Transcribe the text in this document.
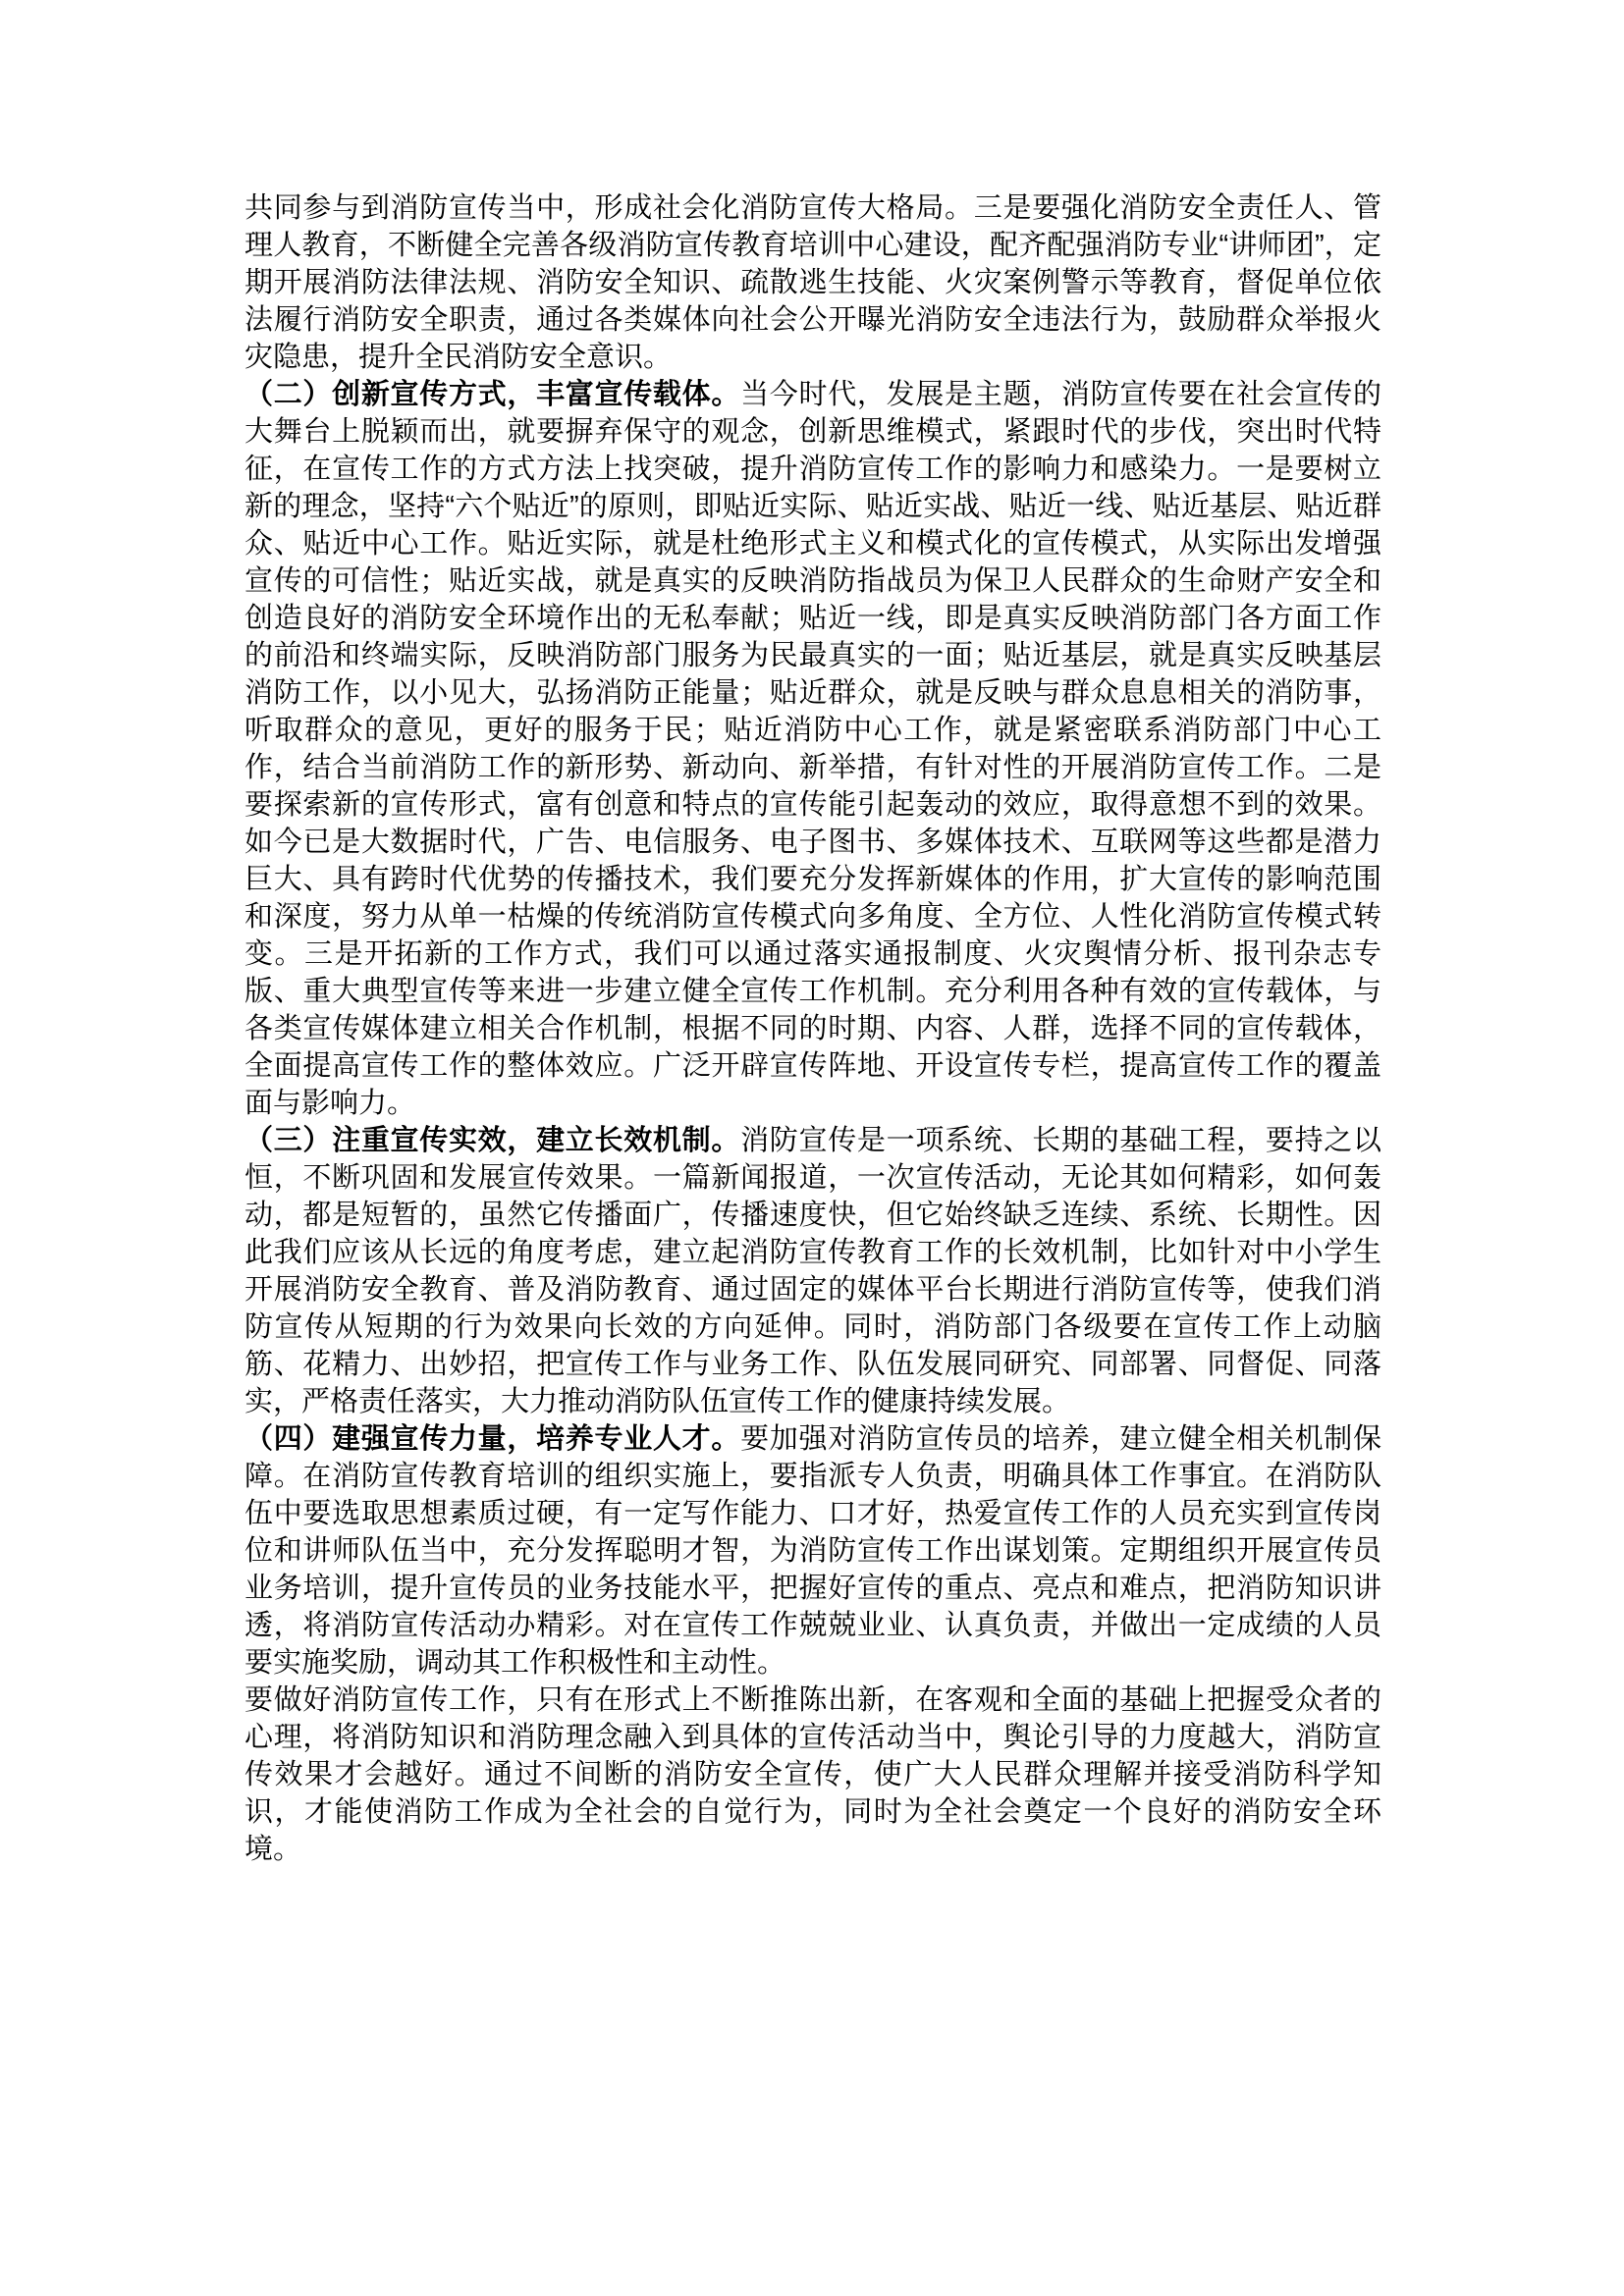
共同参与到消防宣传当中，形成社会化消防宣传大格局。三是要强化消防安全责任人、管理人教育，不断健全完善各级消防宣传教育培训中心建设，配齐配强消防专业“讲师团”，定期开展消防法律法规、消防安全知识、疏散逃生技能、火灾案例警示等教育，督促单位依法履行消防安全职责，通过各类媒体向社会公开曝光消防安全违法行为，鼓励群众举报火灾隐患，提升全民消防安全意识。

（二）创新宣传方式，丰富宣传载体。当今时代，发展是主题，消防宣传要在社会宣传的大舞台上脱颖而出，就要摒弃保守的观念，创新思维模式，紧跟时代的步伐，突出时代特征，在宣传工作的方式方法上找突破，提升消防宣传工作的影响力和感染力。一是要树立新的理念，坚持“六个贴近”的原则，即贴近实际、贴近实战、贴近一线、贴近基层、贴近群众、贴近中心工作。贴近实际，就是杜绝形式主义和模式化的宣传模式，从实际出发增强宣传的可信性；贴近实战，就是真实的反映消防指战员为保卫人民群众的生命财产安全和创造良好的消防安全环境作出的无私奉献；贴近一线，即是真实反映消防部门各方面工作的前沿和终端实际，反映消防部门服务为民最真实的一面；贴近基层，就是真实反映基层消防工作，以小见大，弘扬消防正能量；贴近群众，就是反映与群众息息相关的消防事，听取群众的意见，更好的服务于民；贴近消防中心工作，就是紧密联系消防部门中心工作，结合当前消防工作的新形势、新动向、新举措，有针对性的开展消防宣传工作。二是要探索新的宣传形式，富有创意和特点的宣传能引起轰动的效应，取得意想不到的效果。如今已是大数据时代，广告、电信服务、电子图书、多媒体技术、互联网等这些都是潜力巨大、具有跨时代优势的传播技术，我们要充分发挥新媒体的作用，扩大宣传的影响范围和深度，努力从单一枯燥的传统消防宣传模式向多角度、全方位、人性化消防宣传模式转变。三是开拓新的工作方式，我们可以通过落实通报制度、火灾舆情分析、报刊杂志专版、重大典型宣传等来进一步建立健全宣传工作机制。充分利用各种有效的宣传载体，与各类宣传媒体建立相关合作机制，根据不同的时期、内容、人群，选择不同的宣传载体，全面提高宣传工作的整体效应。广泛开辟宣传阵地、开设宣传专栏，提高宣传工作的覆盖面与影响力。

（三）注重宣传实效，建立长效机制。消防宣传是一项系统、长期的基础工程，要持之以恒，不断巩固和发展宣传效果。一篇新闻报道，一次宣传活动，无论其如何精彩，如何轰动，都是短暂的，虽然它传播面广，传播速度快，但它始终缺乏连续、系统、长期性。因此我们应该从长远的角度考虑，建立起消防宣传教育工作的长效机制，比如针对中小学生开展消防安全教育、普及消防教育、通过固定的媒体平台长期进行消防宣传等，使我们消防宣传从短期的行为效果向长效的方向延伸。同时，消防部门各级要在宣传工作上动脑筋、花精力、出妙招，把宣传工作与业务工作、队伍发展同研究、同部署、同督促、同落实，严格责任落实，大力推动消防队伍宣传工作的健康持续发展。

（四）建强宣传力量，培养专业人才。要加强对消防宣传员的培养，建立健全相关机制保障。在消防宣传教育培训的组织实施上，要指派专人负责，明确具体工作事宜。在消防队伍中要选取思想素质过硬，有一定写作能力、口才好，热爱宣传工作的人员充实到宣传岗位和讲师队伍当中，充分发挥聪明才智，为消防宣传工作出谋划策。定期组织开展宣传员业务培训，提升宣传员的业务技能水平，把握好宣传的重点、亮点和难点，把消防知识讲透，将消防宣传活动办精彩。对在宣传工作兢兢业业、认真负责，并做出一定成绩的人员要实施奖励，调动其工作积极性和主动性。

要做好消防宣传工作，只有在形式上不断推陈出新，在客观和全面的基础上把握受众者的心理，将消防知识和消防理念融入到具体的宣传活动当中，舆论引导的力度越大，消防宣传效果才会越好。通过不间断的消防安全宣传，使广大人民群众理解并接受消防科学知识，才能使消防工作成为全社会的自觉行为，同时为全社会奠定一个良好的消防安全环境。
